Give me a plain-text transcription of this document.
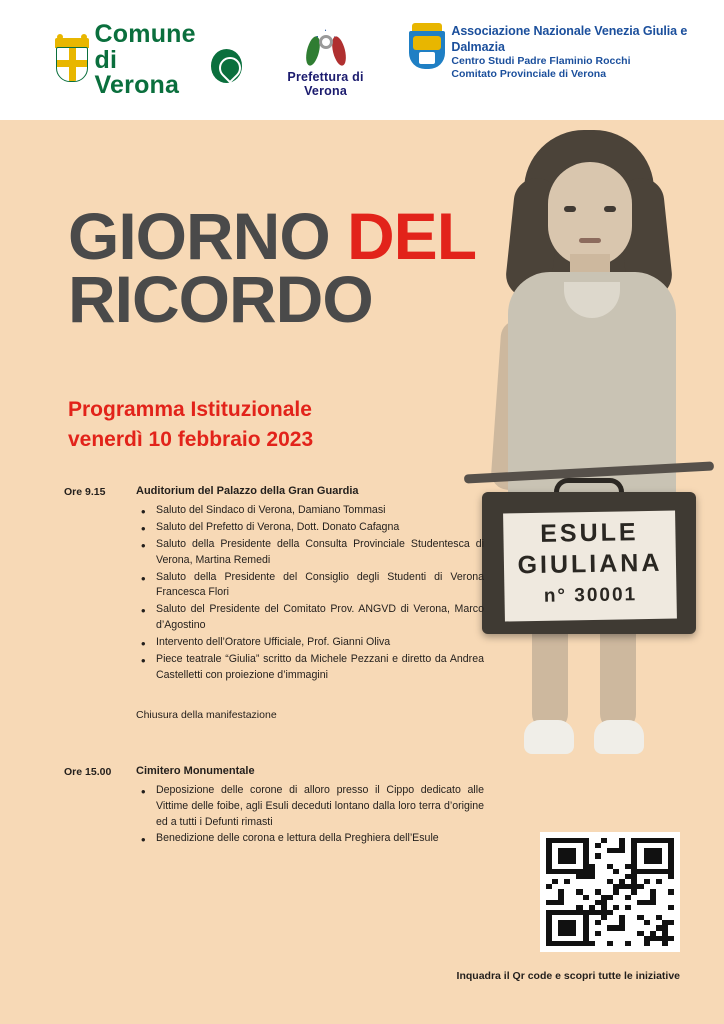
Comune
di Verona	Prefettura di Verona
Associazione Nazionale Venezia Giulia e Dalmazia
Centro Studi Padre Flaminio Rocchi
Comitato Provinciale di Verona
ESULE
GIULIANA
n° 30001
GIORNO DEL
RICORDO
Programma Istituzionale
venerdì 10 febbraio 2023
Ore 9.15	Auditorium del Palazzo della Gran Guardia
• Saluto del Sindaco di Verona, Damiano Tommasi
• Saluto del Prefetto di Verona, Dott. Donato Cafagna
• Saluto della Presidente della Consulta Provinciale Studentesca di Verona, Martina Remedi
• Saluto della Presidente del Consiglio degli Studenti di Verona Francesca Flori
• Saluto del Presidente del Comitato Prov. ANGVD di Verona, Marco d’Agostino
• Intervento dell’Oratore Ufficiale, Prof. Gianni Oliva
• Piece teatrale “Giulia” scritto da Michele Pezzani e diretto da Andrea Castelletti con proiezione d’immagini
Chiusura della manifestazione
Ore 15.00	Cimitero Monumentale
• Deposizione delle corone di alloro presso il Cippo dedicato alle Vittime delle foibe, agli Esuli deceduti lontano dalla loro terra d’origine ed a tutti i Defunti rimasti
• Benedizione delle corona e lettura della Preghiera dell’Esule
Inquadra il Qr code e scopri tutte le iniziative
